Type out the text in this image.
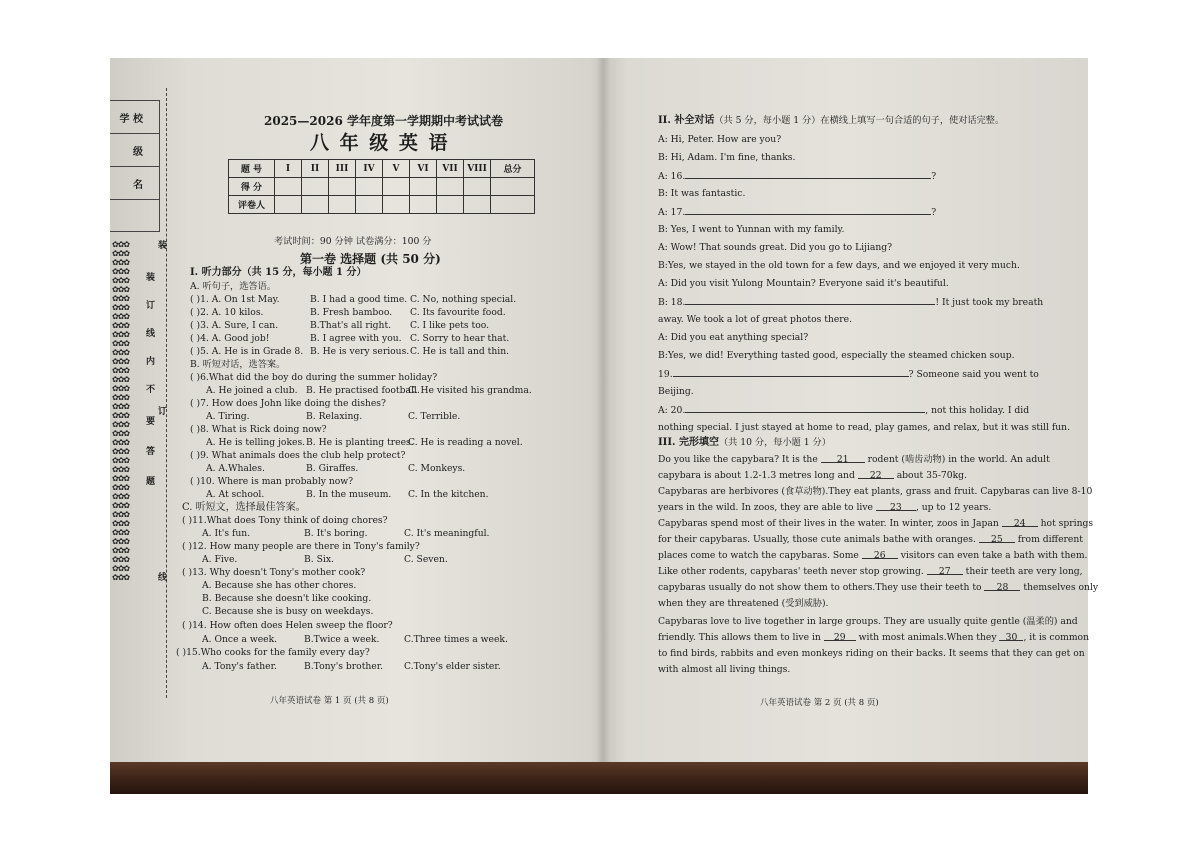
学 校
级
名
✿✿✿
✿✿✿
✿✿✿
✿✿✿
✿✿✿
✿✿✿
✿✿✿
✿✿✿
✿✿✿
✿✿✿
✿✿✿
✿✿✿
✿✿✿
✿✿✿
✿✿✿
✿✿✿
✿✿✿
✿✿✿
✿✿✿
✿✿✿
✿✿✿
✿✿✿
✿✿✿
✿✿✿
✿✿✿
✿✿✿
✿✿✿
✿✿✿
✿✿✿
✿✿✿
✿✿✿
✿✿✿
✿✿✿
✿✿✿
✿✿✿
✿✿✿
✿✿✿
✿✿✿
装
装
订
线
内
不
订
要
答
题
线
2025—2026 学年度第一学期期中考试试卷
八 年 级 英 语
题 号	I	II	III	IV	V	VI	VII	VIII	总分
得 分									
评卷人									
考试时间：90 分钟 试卷满分：100 分
第一卷 选择题 (共 50 分)
I. 听力部分（共 15 分，每小题 1 分）
A. 听句子，选答语。
( )1. A. On 1st May.	B. I had a good time. C. No, nothing special.
( )2. A. 10 kilos.	B. Fresh bamboo. C. Its favourite food.
( )3. A. Sure, I can.	B.That's all right. C. I like pets too.
( )4. A. Good job!	B. I agree with you. C. Sorry to hear that.
( )5. A. He is in Grade 8. B. He is very serious. C. He is tall and thin.
B. 听短对话，选答案。
( )6.What did the boy do during the summer holiday?
A. He joined a club. B. He practised football.
C. He visited his grandma.
( )7. How does John like doing the dishes?
A. Tiring.	B. Relaxing.	C. Terrible.
( )8. What is Rick doing now?
A. He is telling jokes. B. He is planting trees.
C. He is reading a novel.
( )9. What animals does the club help protect?
A. A.Whales.	B. Giraffes.	C. Monkeys.
( )10. Where is man probably now?
A. At school.	B. In the museum. C. In the kitchen.
C. 听短文，选择最佳答案。
( )11.What does Tony think of doing chores?
A. It's fun.	B. It's boring.	C. It's meaningful.
( )12. How many people are there in Tony's family?
A. Five.	B. Six.	C. Seven.
( )13. Why doesn't Tony's mother cook?
A. Because she has other chores.
B. Because she doesn't like cooking.
C. Because she is busy on weekdays.
( )14. How often does Helen sweep the floor?
A. Once a week.	B.Twice a week.	C.Three times a week.
( )15.Who cooks for the family every day?
A. Tony's father.	B.Tony's brother. C.Tony's elder sister.
八年英语试卷 第 1 页 (共 8 页)
II. 补全对话（共 5 分，每小题 1 分）在横线上填写一句合适的句子，使对话完整。
A: Hi, Peter. How are you?
B: Hi, Adam. I'm fine, thanks.
A: 16.	?
B: It was fantastic.
A: 17.	?
B: Yes, I went to Yunnan with my family.
A: Wow! That sounds great. Did you go to Lijiang?
B:Yes, we stayed in the old town for a few days, and we enjoyed it very much.
A: Did you visit Yulong Mountain? Everyone said it's beautiful.
B: 18.	! It just took my breath
away. We took a lot of great photos there.
A: Did you eat anything special?
B:Yes, we did! Everything tasted good, especially the steamed chicken soup.
19.	? Someone said you went to
Beijing.
A: 20.	, not this holiday. I did
nothing special. I just stayed at home to read, play games, and relax, but it was still fun.
III. 完形填空（共 10 分，每小题 1 分）
Do you like the capybara? It is the 21 rodent (啮齿动物) in the world. An adult
capybara is about 1.2-1.3 metres long and 22 about 35-70kg.
Capybaras are herbivores (食草动物).They eat plants, grass and fruit. Capybaras can live 8-10
years in the wild. In zoos, they are able to live 23 , up to 12 years.
Capybaras spend most of their lives in the water. In winter, zoos in Japan 24 hot springs
for their capybaras. Usually, those cute animals bathe with oranges. 25 from different
places come to watch the capybaras. Some 26 visitors can even take a bath with them.
Like other rodents, capybaras' teeth never stop growing. 27 their teeth are very long,
capybaras usually do not show them to others.They use their teeth to 28 themselves only
when they are threatened (受到威胁).
Capybaras love to live together in large groups. They are usually quite gentle (温柔的) and
friendly. This allows them to live in 29 with most animals.When they 30 , it is common
to find birds, rabbits and even monkeys riding on their backs. It seems that they can get on
with almost all living things.
八年英语试卷 第 2 页 (共 8 页)
